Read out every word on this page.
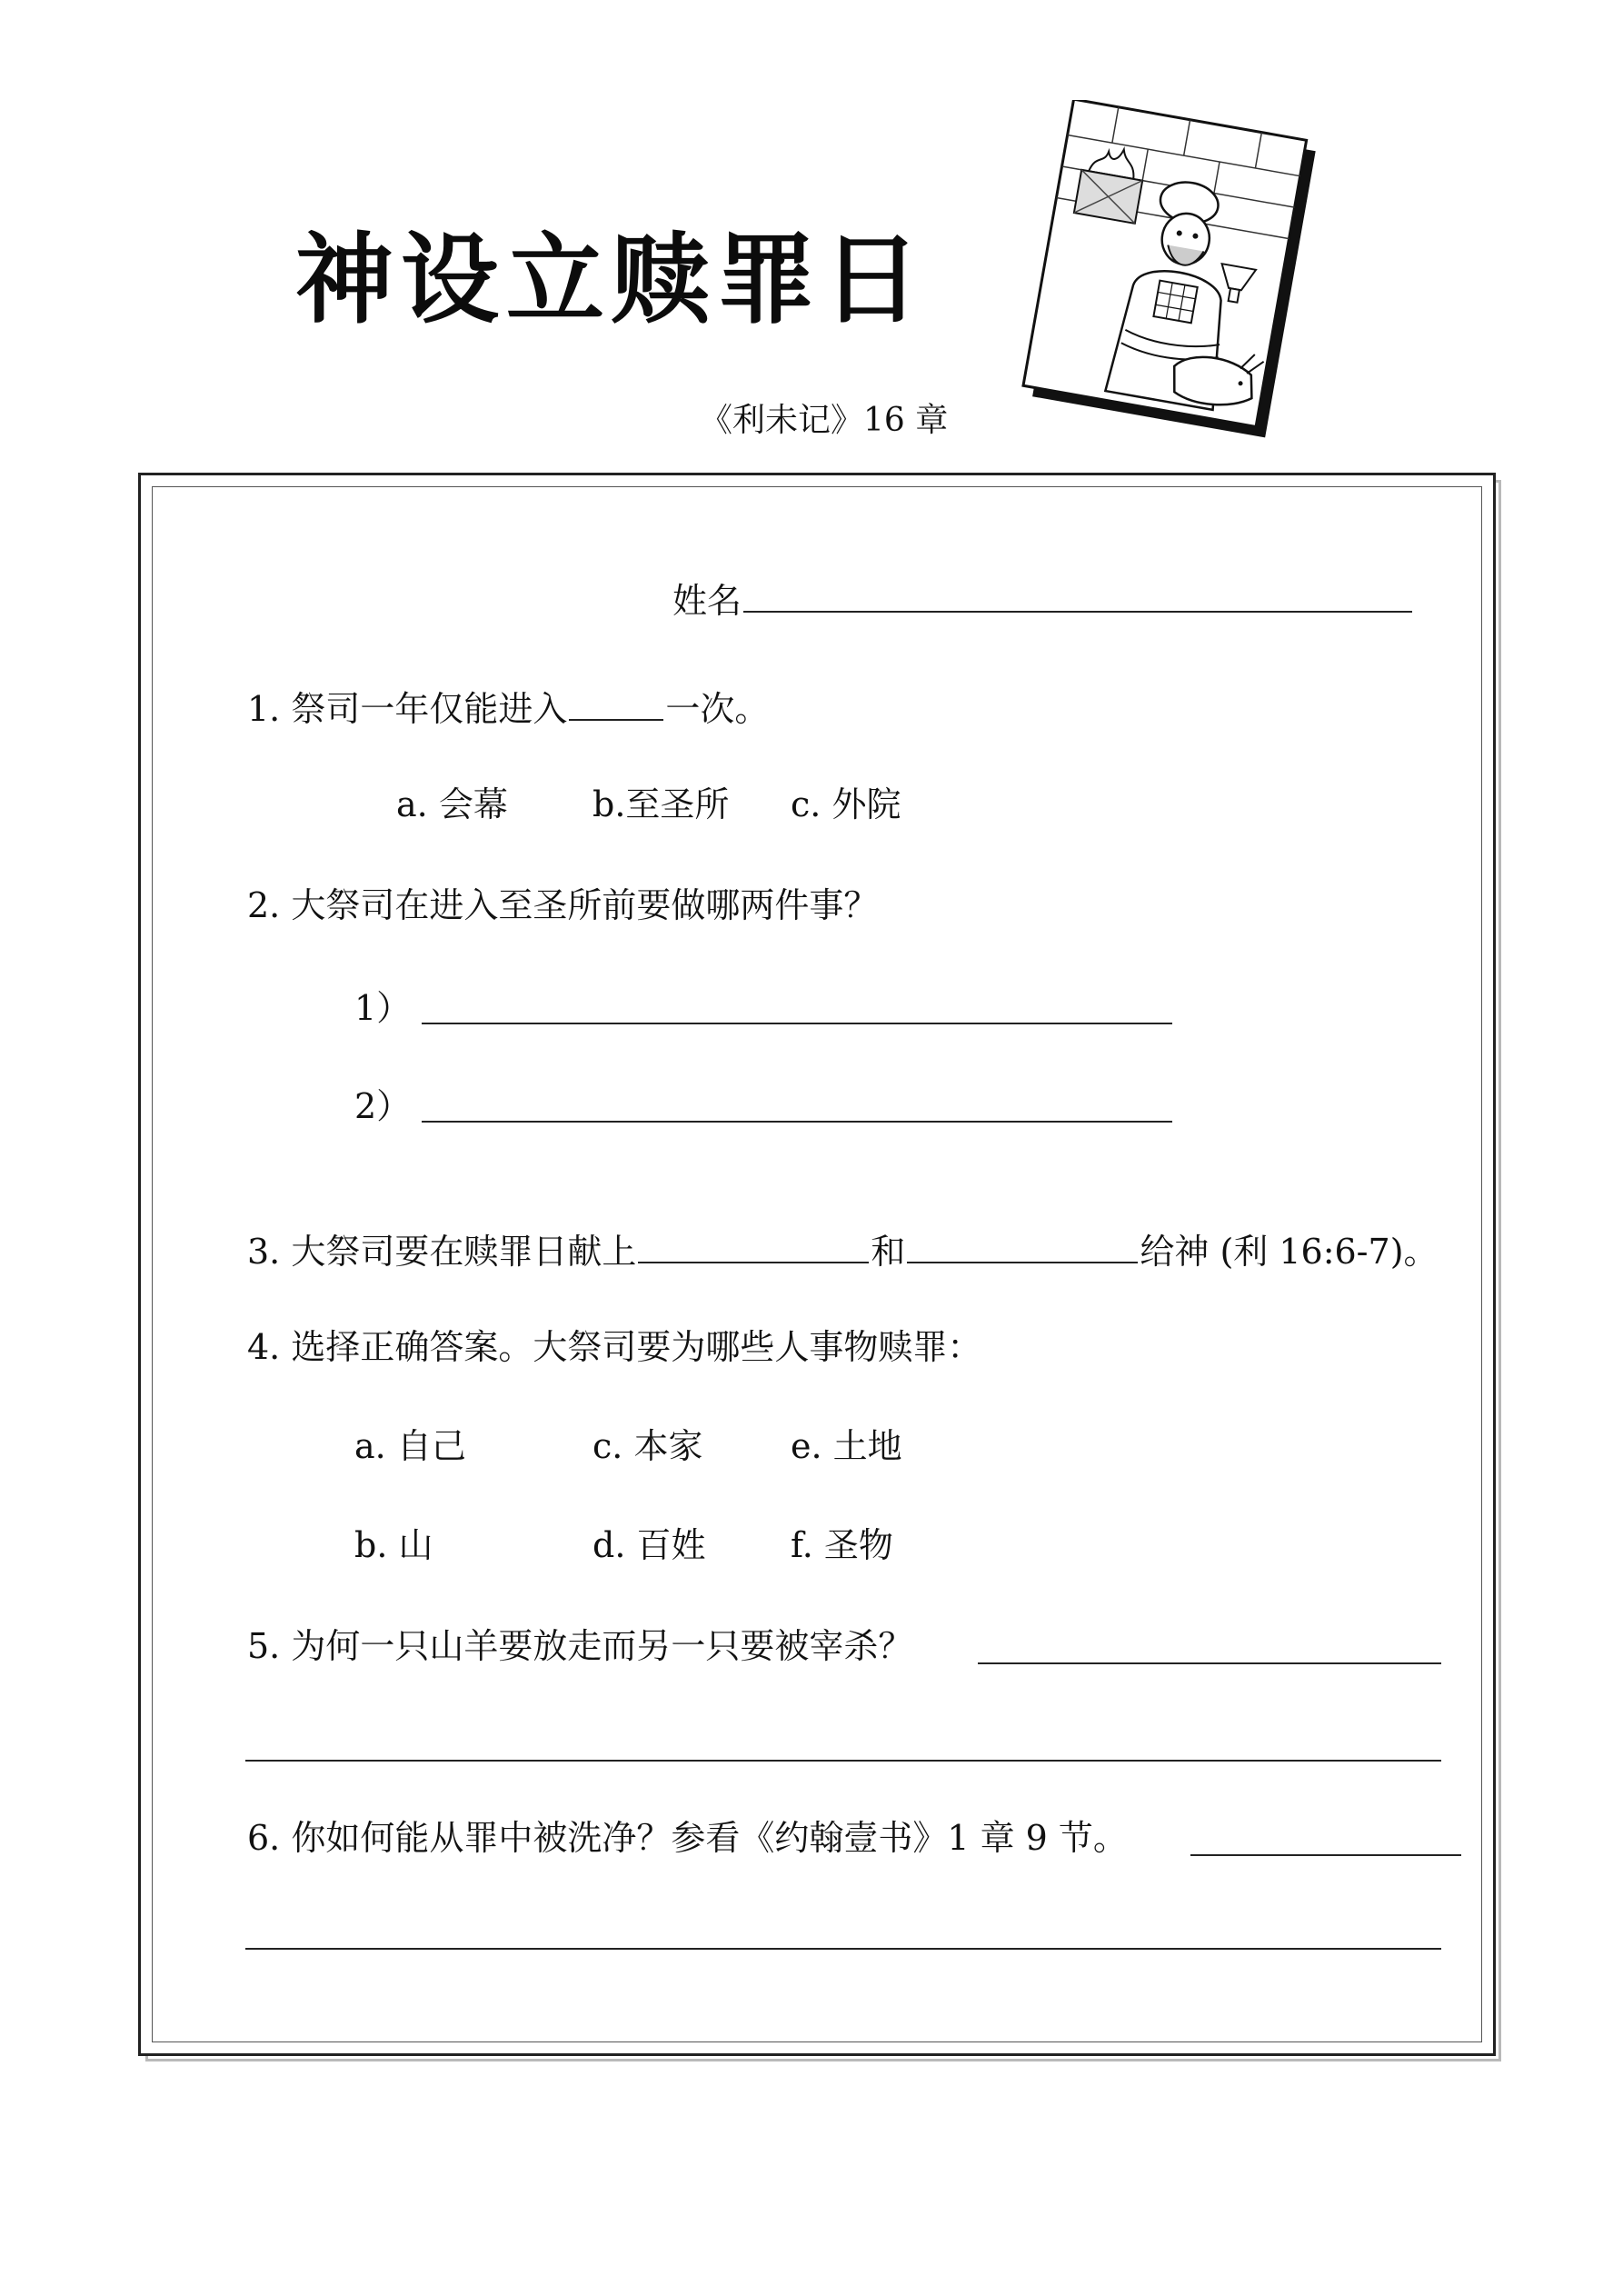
神设立赎罪日
《利未记》16 章
姓名
1. 祭司一年仅能进入	一次。
a. 会幕 b.至圣所 c. 外院
2. 大祭司在进入至圣所前要做哪两件事？
1）
2）
3. 大祭司要在赎罪日献上	和	给神 (利 16:6-7)。
4. 选择正确答案。大祭司要为哪些人事物赎罪：
a. 自己	c. 本家	e. 土地
b. 山	d. 百姓 f. 圣物
5. 为何一只山羊要放走而另一只要被宰杀？
6. 你如何能从罪中被洗净？参看《约翰壹书》1 章 9 节。
